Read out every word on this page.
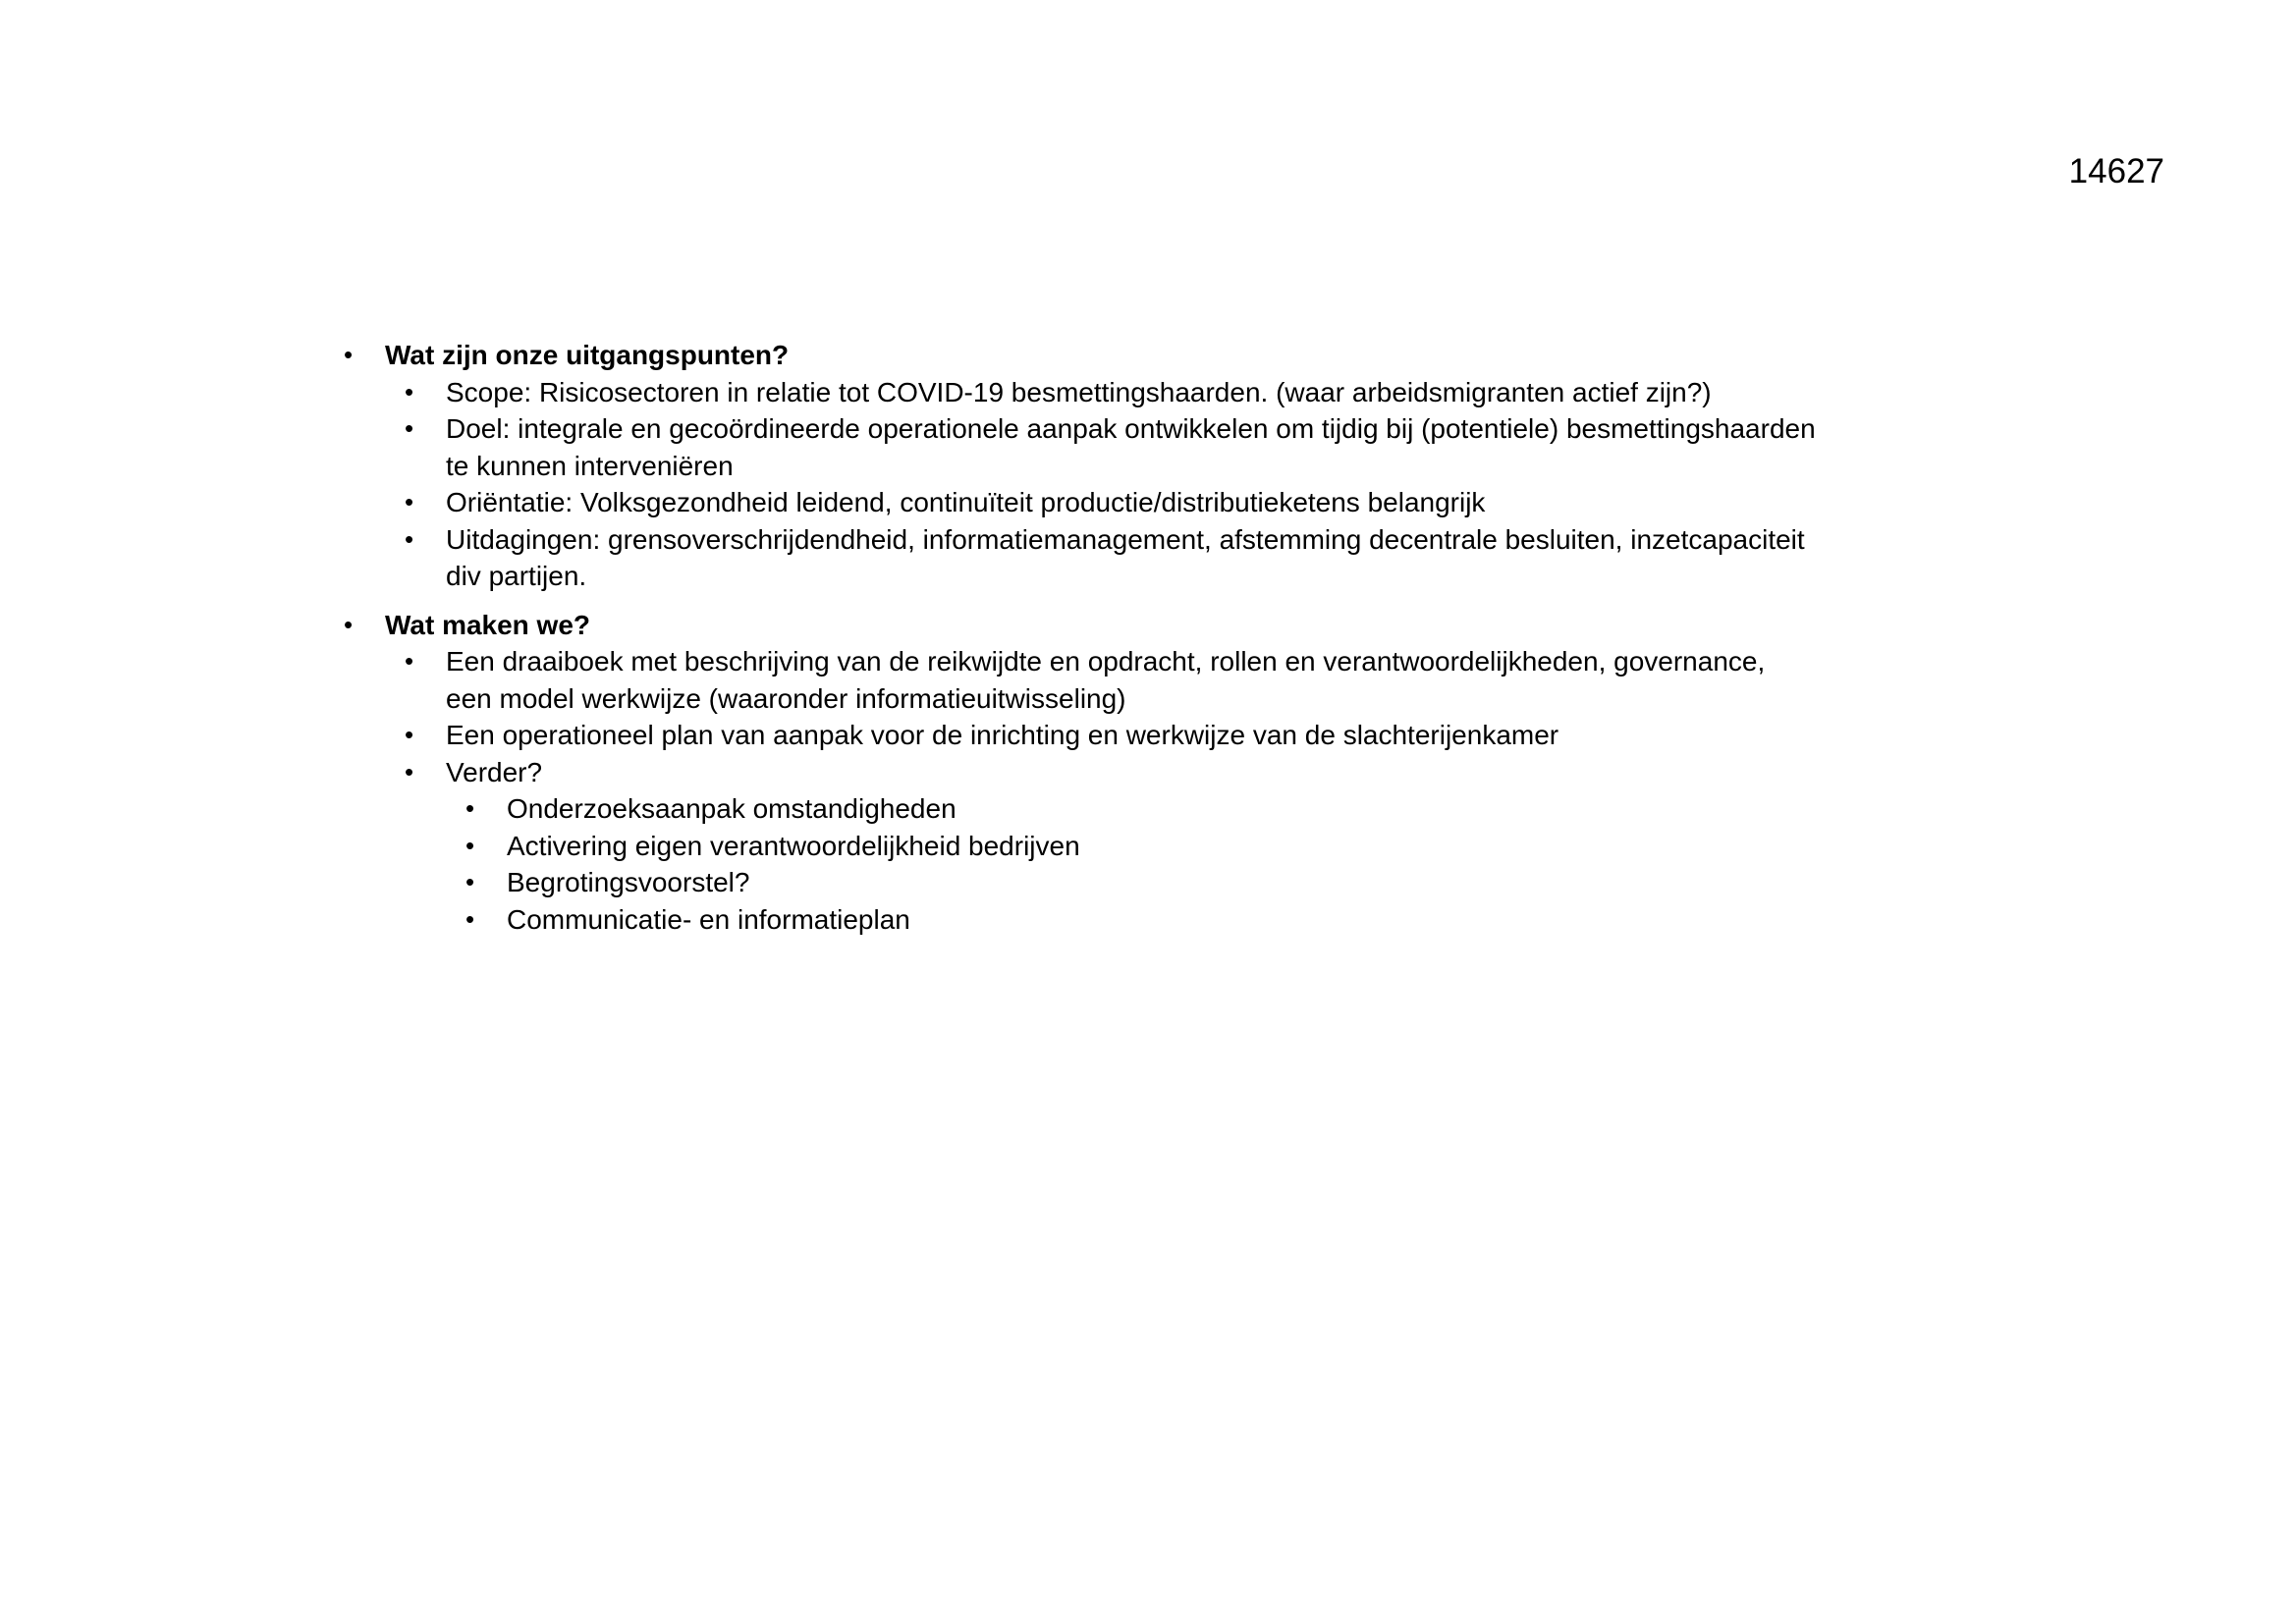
14627
• Wat zijn onze uitgangspunten?
• Scope: Risicosectoren in relatie tot COVID-19 besmettingshaarden. (waar arbeidsmigranten actief zijn?)
• Doel: integrale en gecoördineerde operationele aanpak ontwikkelen om tijdig bij (potentiele) besmettingshaarden te kunnen interveniëren
• Oriëntatie: Volksgezondheid leidend, continuïteit productie/distributieketens belangrijk
• Uitdagingen: grensoverschrijdendheid, informatiemanagement, afstemming decentrale besluiten, inzetcapaciteit div partijen.
• Wat maken we?
• Een draaiboek met beschrijving van de reikwijdte en opdracht, rollen en verantwoordelijkheden, governance, een model werkwijze (waaronder informatieuitwisseling)
• Een operationeel plan van aanpak voor de inrichting en werkwijze van de slachterijenkamer
• Verder?
• Onderzoeksaanpak omstandigheden
• Activering eigen verantwoordelijkheid bedrijven
• Begrotingsvoorstel?
• Communicatie- en informatieplan
